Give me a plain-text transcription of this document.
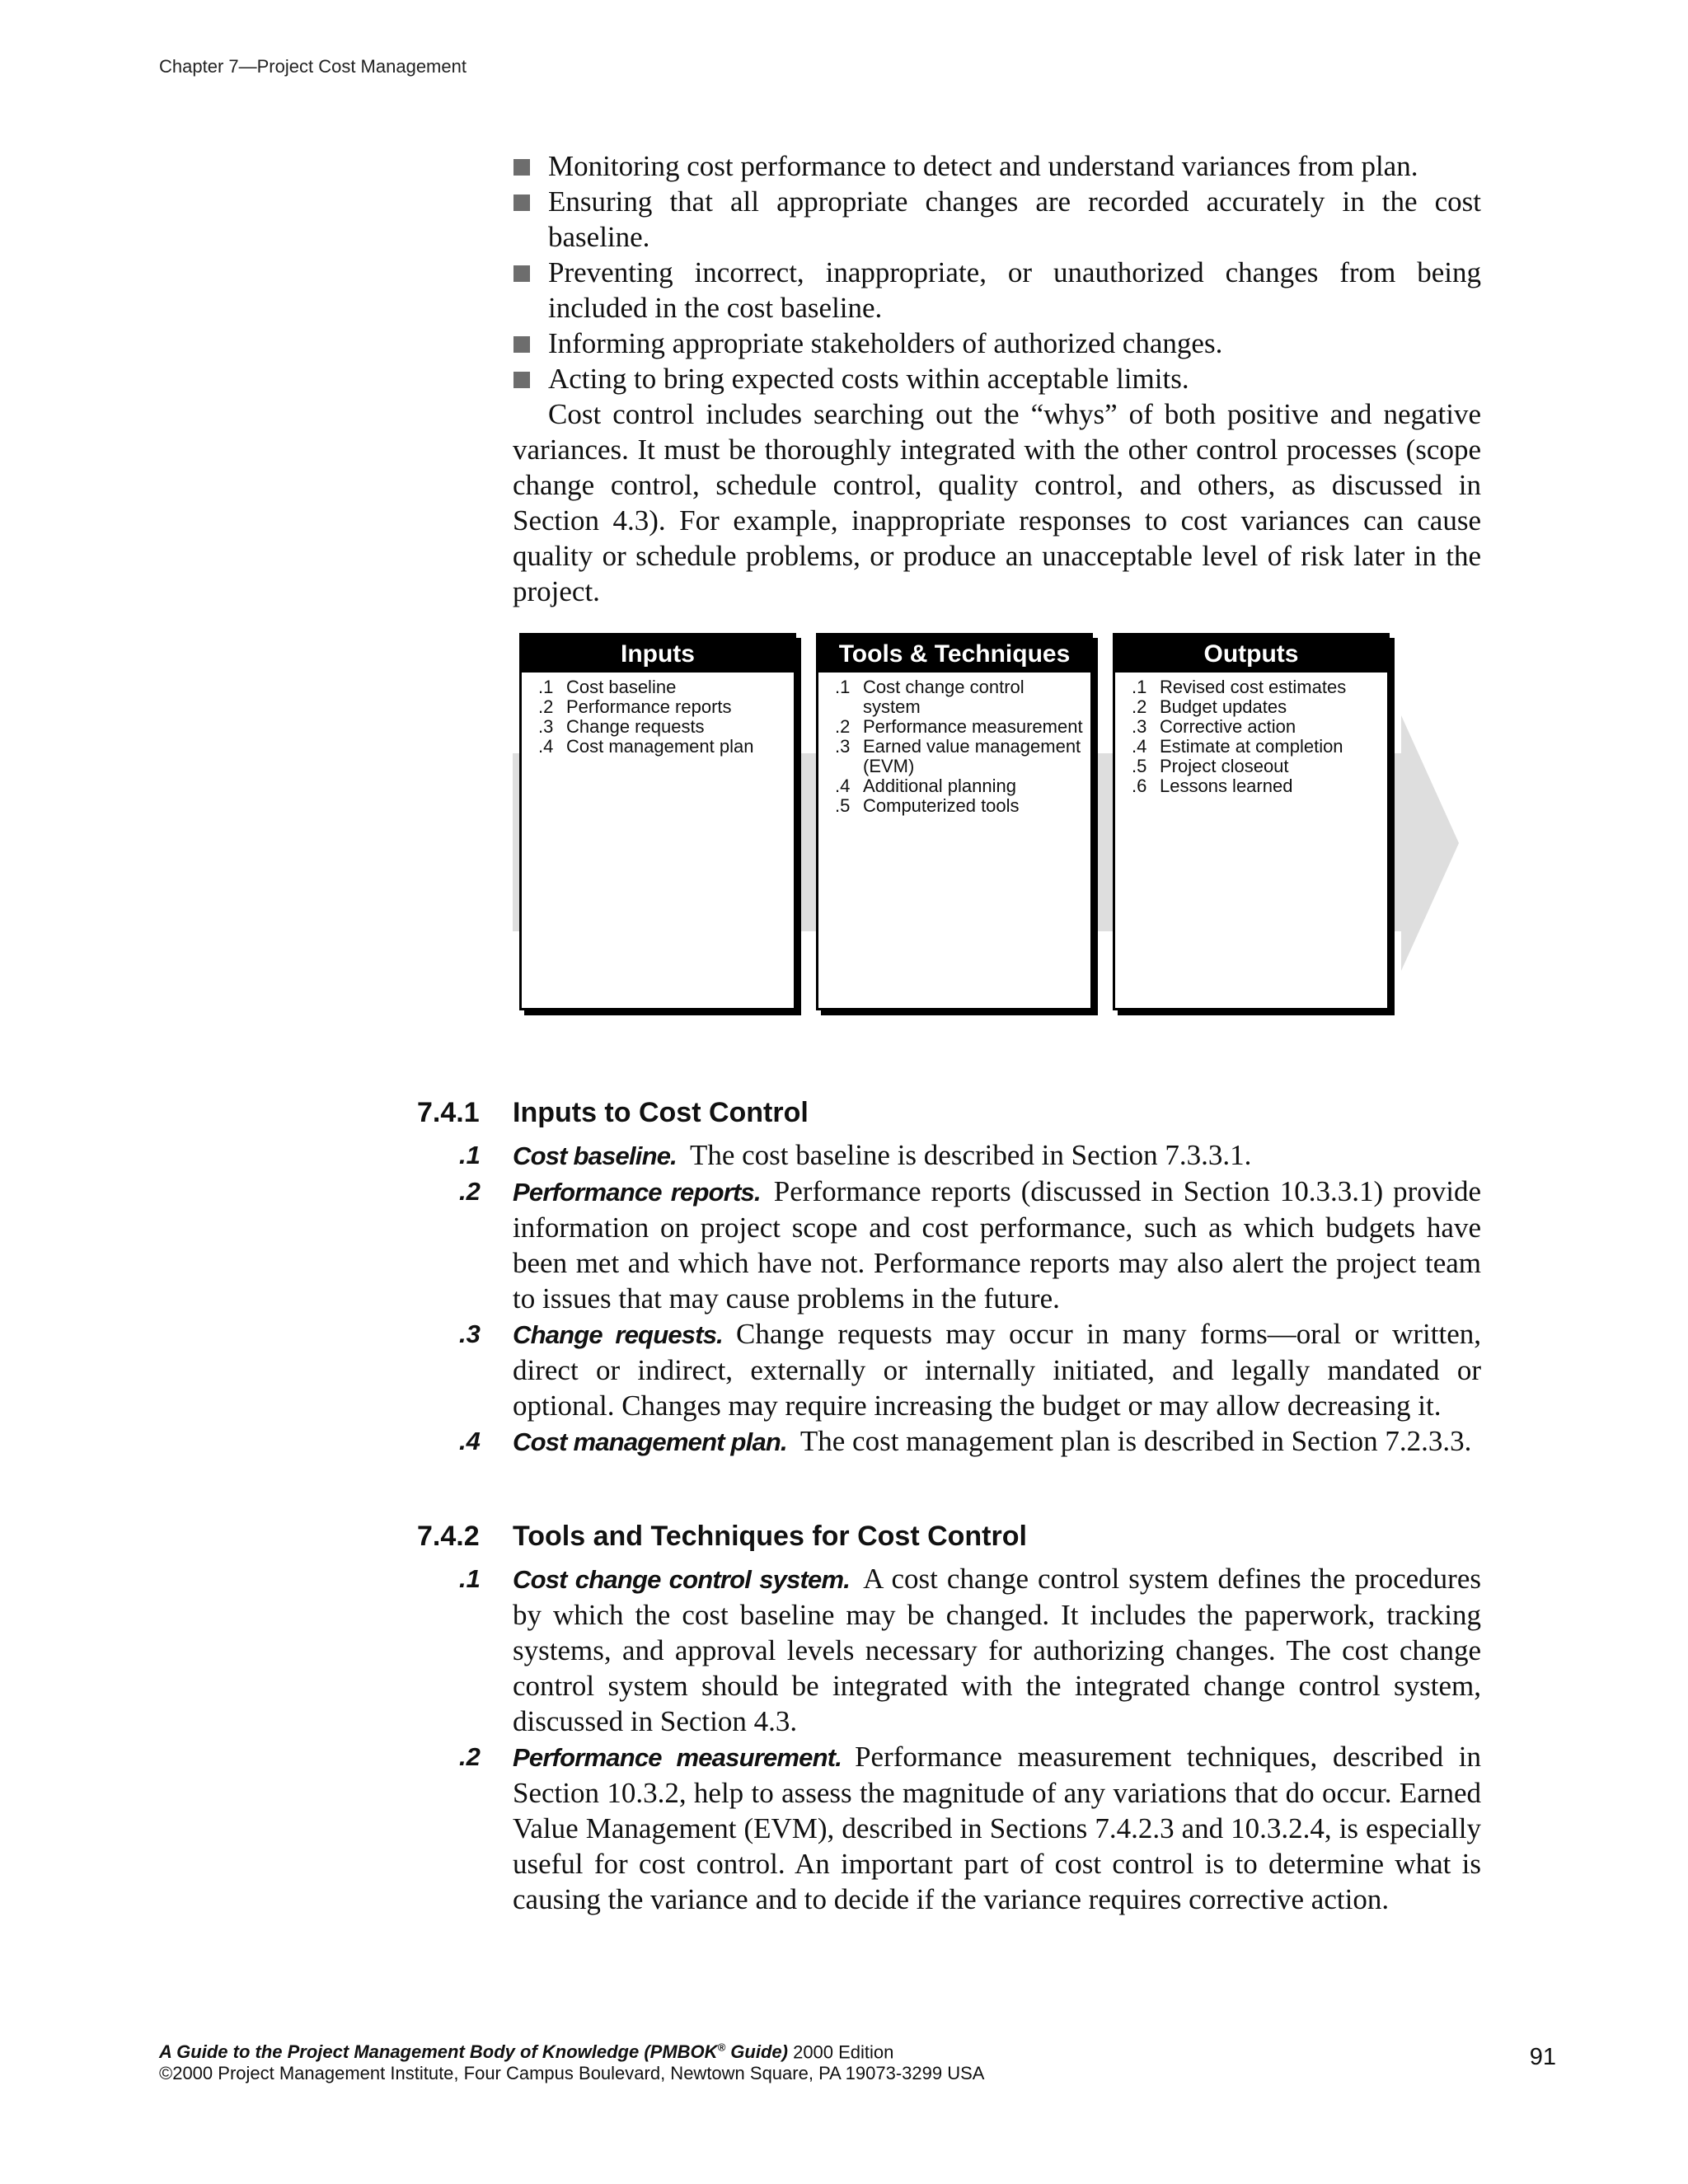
Chapter 7—Project Cost Management
Monitoring cost performance to detect and understand variances from plan.
Ensuring that all appropriate changes are recorded accurately in the cost baseline.
Preventing incorrect, inappropriate, or unauthorized changes from being included in the cost baseline.
Informing appropriate stakeholders of authorized changes.
Acting to bring expected costs within acceptable limits.
Cost control includes searching out the “whys” of both positive and negative variances. It must be thoroughly integrated with the other control processes (scope change control, schedule control, quality control, and others, as discussed in Section 4.3). For example, inappropriate responses to cost variances can cause quality or schedule problems, or produce an unacceptable level of risk later in the project.
Inputs
.1 Cost baseline
.2 Performance reports
.3 Change requests
.4 Cost management plan
Tools & Techniques
.1 Cost change control system
.2 Performance measurement
.3 Earned value management (EVM)
.4 Additional planning
.5 Computerized tools
Outputs
.1 Revised cost estimates
.2 Budget updates
.3 Corrective action
.4 Estimate at completion
.5 Project closeout
.6 Lessons learned
7.4.1 Inputs to Cost Control
.1 Cost baseline. The cost baseline is described in Section 7.3.3.1.
.2 Performance reports. Performance reports (discussed in Section 10.3.3.1) provide information on project scope and cost performance, such as which budgets have been met and which have not. Performance reports may also alert the project team to issues that may cause problems in the future.
.3 Change requests. Change requests may occur in many forms—oral or written, direct or indirect, externally or internally initiated, and legally mandated or optional. Changes may require increasing the budget or may allow decreasing it.
.4 Cost management plan. The cost management plan is described in Section 7.2.3.3.
7.4.2 Tools and Techniques for Cost Control
.1 Cost change control system. A cost change control system defines the procedures by which the cost baseline may be changed. It includes the paperwork, tracking systems, and approval levels necessary for authorizing changes. The cost change control system should be integrated with the integrated change control system, discussed in Section 4.3.
.2 Performance measurement. Performance measurement techniques, described in Section 10.3.2, help to assess the magnitude of any variations that do occur. Earned Value Management (EVM), described in Sections 7.4.2.3 and 10.3.2.4, is especially useful for cost control. An important part of cost control is to determine what is causing the variance and to decide if the variance requires corrective action.
A Guide to the Project Management Body of Knowledge (PMBOK® Guide) 2000 Edition
©2000 Project Management Institute, Four Campus Boulevard, Newtown Square, PA 19073-3299 USA
91
